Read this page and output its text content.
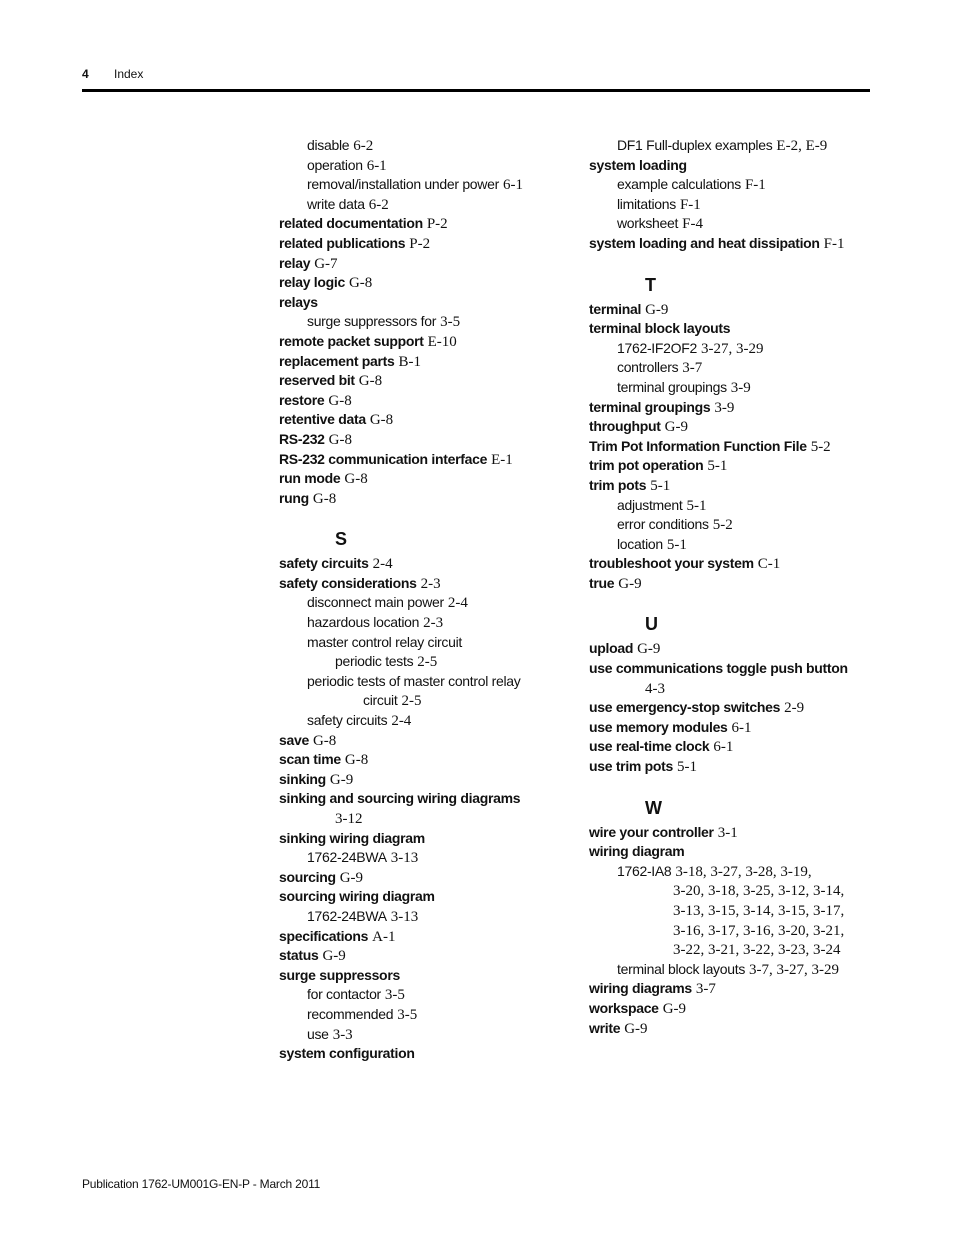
4 Index
disable 6-2
operation 6-1
removal/installation under power 6-1
write data 6-2
related documentation P-2
related publications P-2
relay G-7
relay logic G-8
relays
surge suppressors for 3-5
remote packet support E-10
replacement parts B-1
reserved bit G-8
restore G-8
retentive data G-8
RS-232 G-8
RS-232 communication interface E-1
run mode G-8
rung G-8
S
safety circuits 2-4
safety considerations 2-3
disconnect main power 2-4
hazardous location 2-3
master control relay circuit
periodic tests 2-5
periodic tests of master control relay
circuit 2-5
safety circuits 2-4
save G-8
scan time G-8
sinking G-9
sinking and sourcing wiring diagrams
3-12
sinking wiring diagram
1762-24BWA 3-13
sourcing G-9
sourcing wiring diagram
1762-24BWA 3-13
specifications A-1
status G-9
surge suppressors
for contactor 3-5
recommended 3-5
use 3-3
system configuration
DF1 Full-duplex examples E-2, E-9
system loading
example calculations F-1
limitations F-1
worksheet F-4
system loading and heat dissipation F-1
T
terminal G-9
terminal block layouts
1762-IF2OF2 3-27, 3-29
controllers 3-7
terminal groupings 3-9
terminal groupings 3-9
throughput G-9
Trim Pot Information Function File 5-2
trim pot operation 5-1
trim pots 5-1
adjustment 5-1
error conditions 5-2
location 5-1
troubleshoot your system C-1
true G-9
U
upload G-9
use communications toggle push button
4-3
use emergency-stop switches 2-9
use memory modules 6-1
use real-time clock 6-1
use trim pots 5-1
W
wire your controller 3-1
wiring diagram
1762-IA8 3-18, 3-27, 3-28, 3-19,
3-20, 3-18, 3-25, 3-12, 3-14,
3-13, 3-15, 3-14, 3-15, 3-17,
3-16, 3-17, 3-16, 3-20, 3-21,
3-22, 3-21, 3-22, 3-23, 3-24
terminal block layouts 3-7, 3-27, 3-29
wiring diagrams 3-7
workspace G-9
write G-9
Publication 1762-UM001G-EN-P - March 2011
